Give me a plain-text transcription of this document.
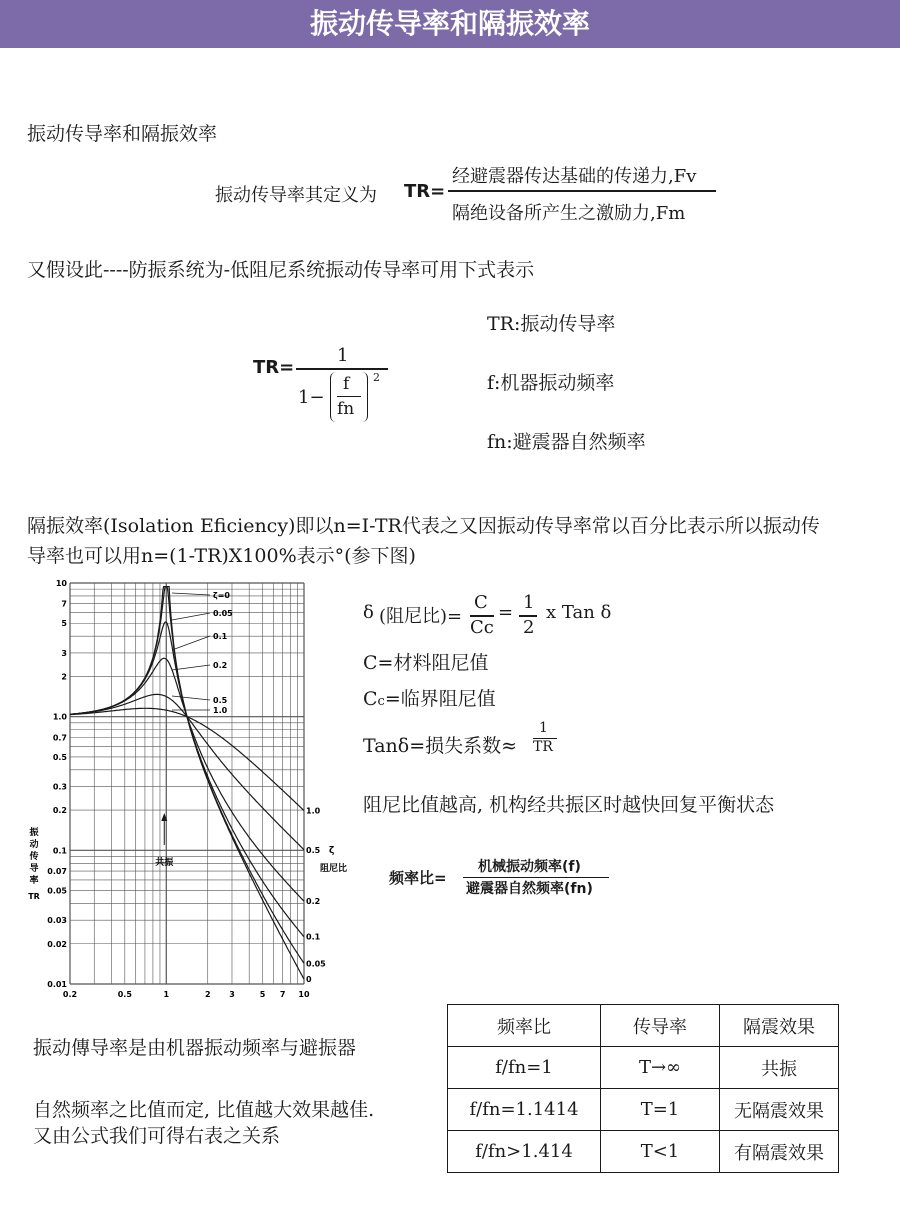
振动传导率和隔振效率
振动传导率和隔振效率
振动传导率其定义为 TR=
经避震器传达基础的传递力,Fv
隔绝设备所产生之激励力,Fm
又假设此----防振系统为-低阻尼系统振动传导率可用下式表示
TR=
1
1−
f
fn
2
TR:振动传导率
f:机器振动频率
fn:避震器自然频率
隔振效率(Isolation Eficiency)即以n=I-TR代表之又因振动传导率常以百分比表示所以振动传
导率也可以用n=(1-TR)X100%表示°(参下图)
0.2	0.5	1	2 3	5 7 10
10
7
5
3
2
1.0
0.7
0.5
0.3
0.2
0.1
0.07
0.05
0.03
0.02
0.01
ζ=0
0.05
0.1
0.2
0.5
1.0
0
0.05
0.1
0.2
0.5
1.0
ζ
阻尼比
共振
振
动
传
导
率
TR
δ (阻尼比)=
C
Cc
= 1
2
x Tan δ
C=材料阻尼值
Cc=临界阻尼值
Tanδ=损失系数≈
1
TR
阻尼比值越高, 机构经共振区时越快回复平衡状态
频率比=
机械振动频率(f)
避震器自然频率(fn)
振动傳导率是由机器振动频率与避振器
自然频率之比值而定, 比值越大效果越佳.
又由公式我们可得右表之关系
频率比	传导率	隔震效果
f/fn=1	T→∞	共振
f/fn=1.1414	T=1	无隔震效果
f/fn>1.414	T<1	有隔震效果
